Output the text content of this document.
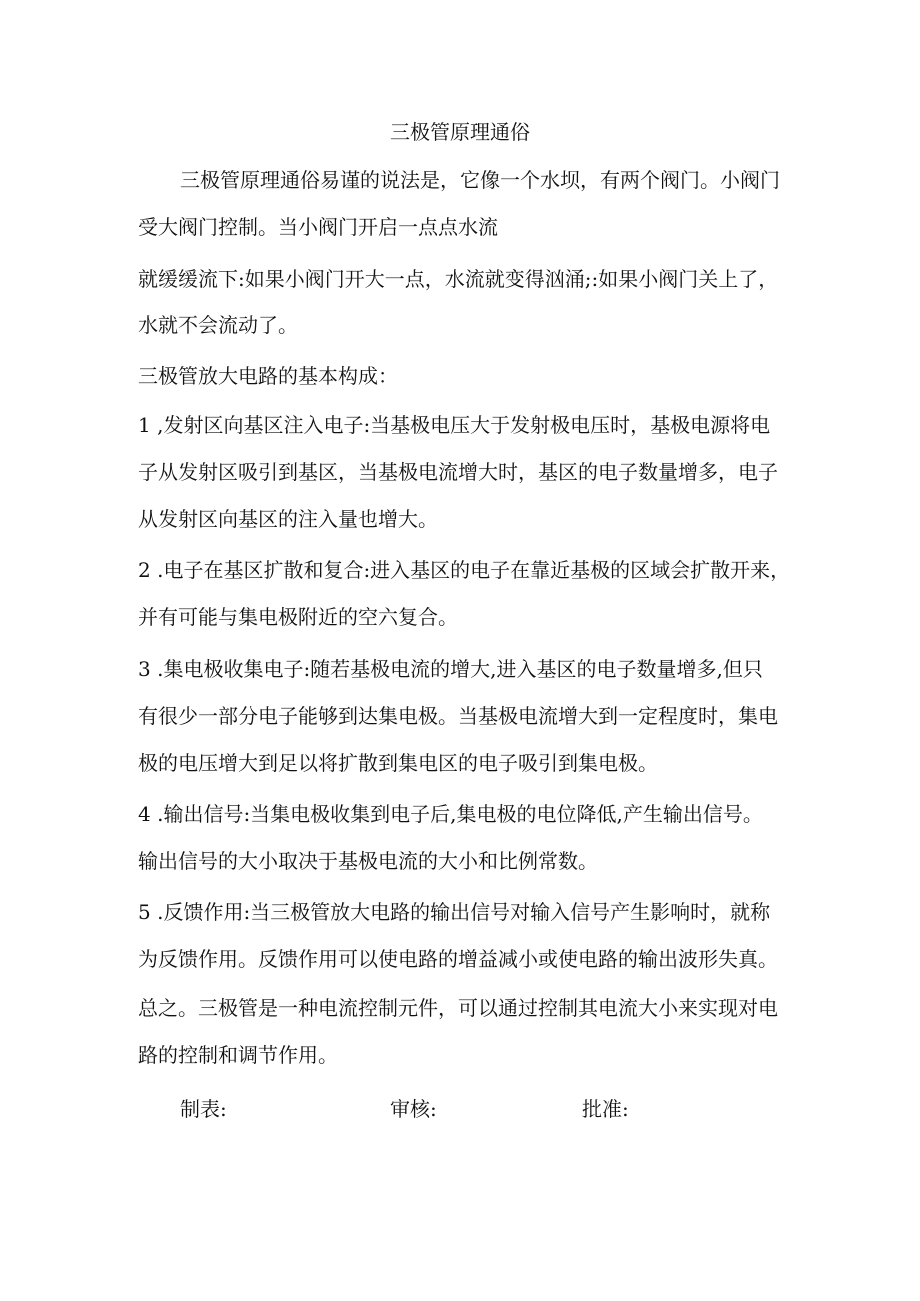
三极管原理通俗
三极管原理通俗易谨的说法是，它像一个水坝，有两个阀门。小阀门
受大阀门控制。当小阀门开启一点点水流
就缓缓流下:如果小阀门开大一点，水流就变得汹涌;:如果小阀门关上了，
水就不会流动了。
三极管放大电路的基本构成：
1 ,发射区向基区注入电子:当基极电压大于发射极电压时，基极电源将电
子从发射区吸引到基区，当基极电流增大时，基区的电子数量增多，电子
从发射区向基区的注入量也增大。
2 .电子在基区扩散和复合:进入基区的电子在靠近基极的区域会扩散开来，
并有可能与集电极附近的空六复合。
3 .集电极收集电子:随若基极电流的增大,进入基区的电子数量增多,但只
有很少一部分电子能够到达集电极。当基极电流增大到一定程度时，集电
极的电压增大到足以将扩散到集电区的电子吸引到集电极。
4 .输出信号:当集电极收集到电子后,集电极的电位降低,产生输出信号。
输出信号的大小取决于基极电流的大小和比例常数。
5 .反馈作用:当三极管放大电路的输出信号对输入信号产生影响时，就称
为反馈作用。反馈作用可以使电路的增益减小或使电路的输出波形失真。
总之。三极管是一种电流控制元件，可以通过控制其电流大小来实现对电
路的控制和调节作用。
制表:	审核:	批准:
